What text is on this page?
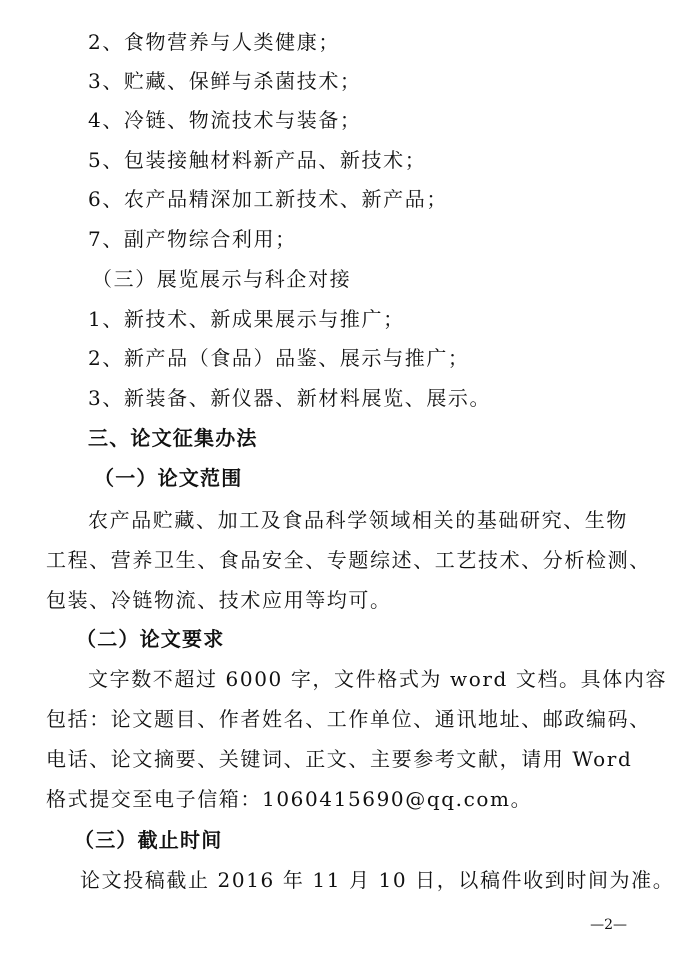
2、食物营养与人类健康；
3、贮藏、保鲜与杀菌技术；
4、冷链、物流技术与装备；
5、包装接触材料新产品、新技术；
6、农产品精深加工新技术、新产品；
7、副产物综合利用；
（三）展览展示与科企对接
1、新技术、新成果展示与推广；
2、新产品（食品）品鉴、展示与推广；
3、新装备、新仪器、新材料展览、展示。
三、论文征集办法
（一）论文范围
农产品贮藏、加工及食品科学领域相关的基础研究、生物
工程、营养卫生、食品安全、专题综述、工艺技术、分析检测、
包装、冷链物流、技术应用等均可。
（二）论文要求
文字数不超过 6000 字，文件格式为 word 文档。具体内容
包括：论文题目、作者姓名、工作单位、通讯地址、邮政编码、
电话、论文摘要、关键词、正文、主要参考文献，请用 Word
格式提交至电子信箱：1060415690@qq.com。
（三）截止时间
论文投稿截止 2016 年 11 月 10 日，以稿件收到时间为准。
—2—
